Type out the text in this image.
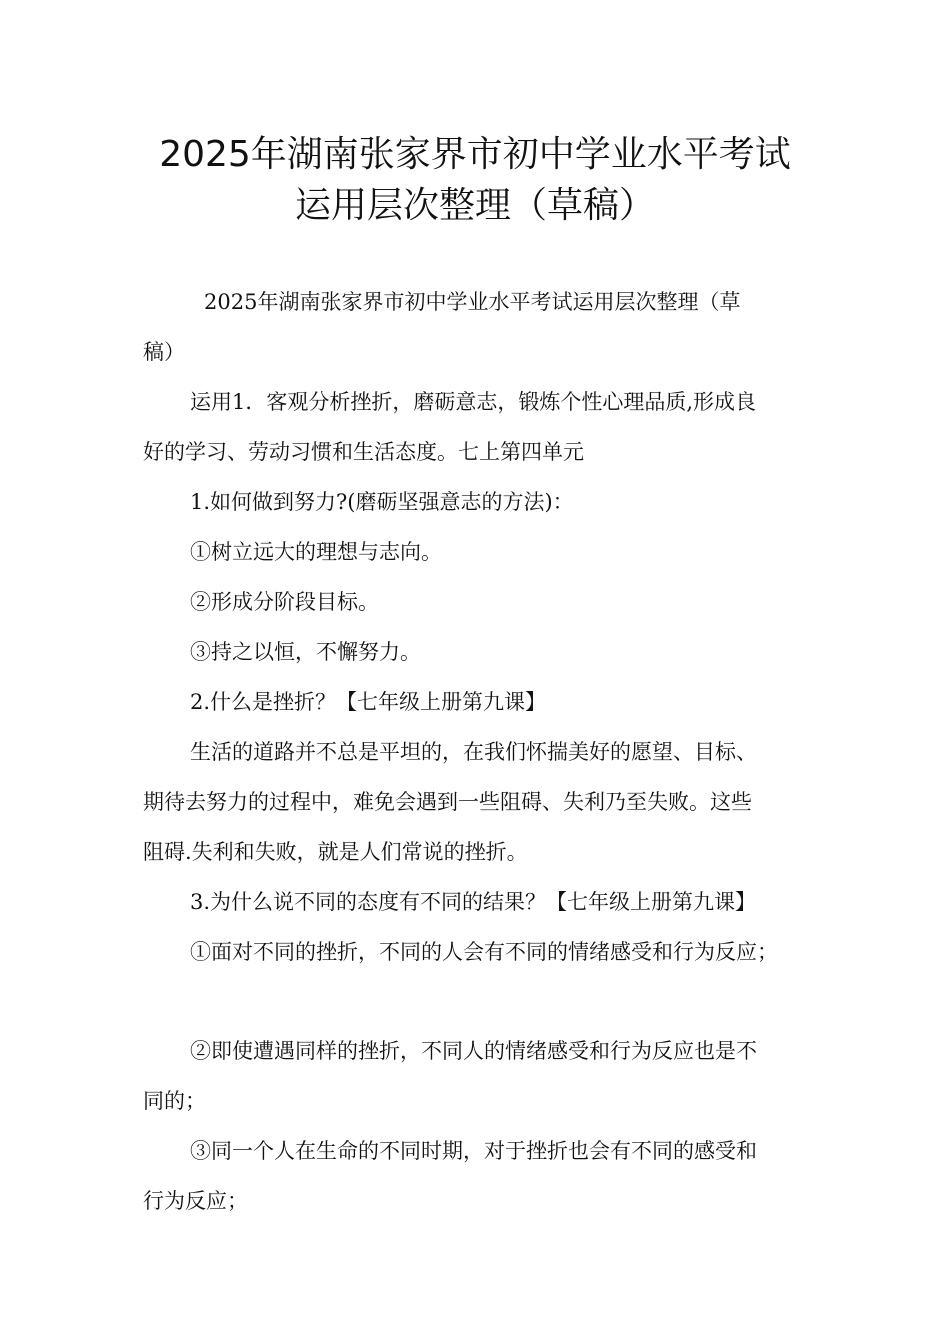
2025年湖南张家界市初中学业水平考试
运用层次整理（草稿）

2025年湖南张家界市初中学业水平考试运用层次整理（草

稿）

运用1．客观分析挫折，磨砺意志，锻炼个性心理品质,形成良

好的学习、劳动习惯和生活态度。七上第四单元

1.如何做到努力?(磨砺坚强意志的方法)：

①树立远大的理想与志向。

②形成分阶段目标。

③持之以恒，不懈努力。

2.什么是挫折？【七年级上册第九课】

生活的道路并不总是平坦的，在我们怀揣美好的愿望、目标、

期待去努力的过程中，难免会遇到一些阻碍、失利乃至失败。这些

阻碍.失利和失败，就是人们常说的挫折。

3.为什么说不同的态度有不同的结果？【七年级上册第九课】

①面对不同的挫折，不同的人会有不同的情绪感受和行为反应；

②即使遭遇同样的挫折，不同人的情绪感受和行为反应也是不

同的；

③同一个人在生命的不同时期，对于挫折也会有不同的感受和

行为反应；
